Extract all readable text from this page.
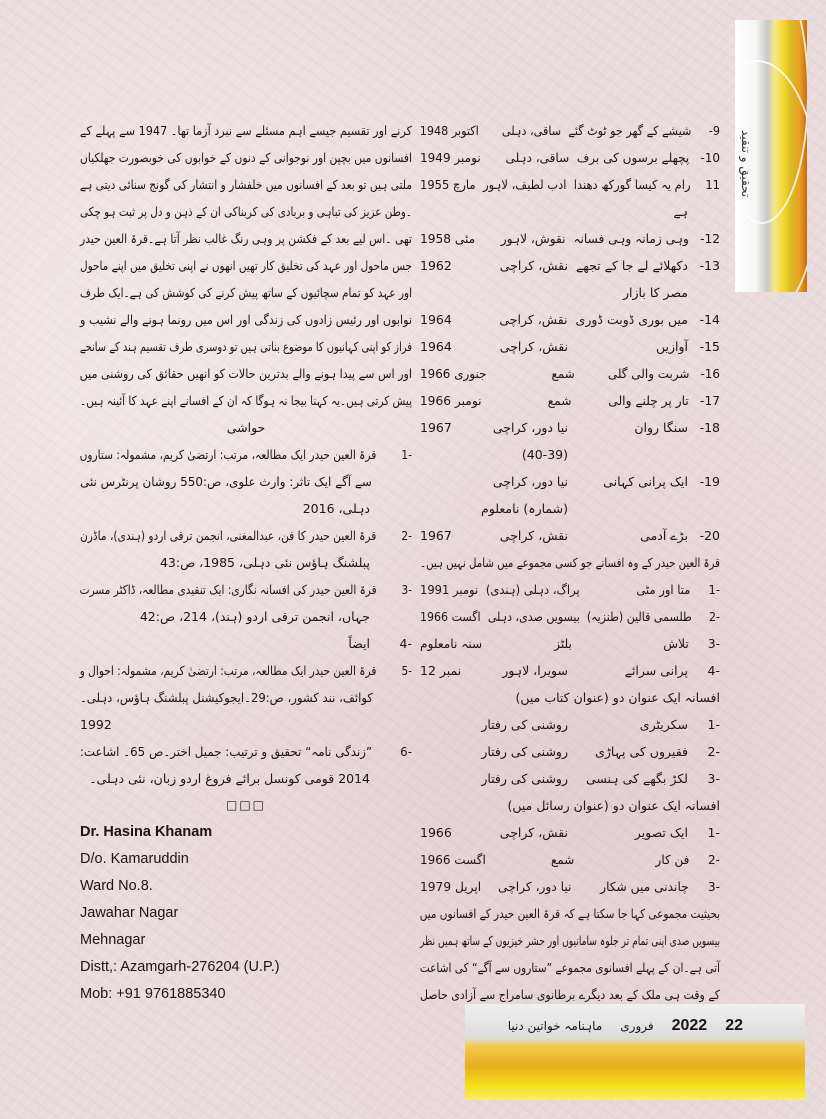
تحقیق و تنقید
9-
شیشے کے گھر جو ٹوٹ گئے
ساقی، دہلی
اکتوبر 1948
10-
پچھلے برسوں کی برف
ساقی، دہلی
نومبر 1949
11
رام یہ کیسا گورکھ دھندا
ادب لطیف، لاہور
مارچ 1955
ہے
12-
وہی زمانہ وہی فسانہ
نقوش، لاہور
مئی 1958
13-
دکھلائے لے جا کے تجھے
نقش، کراچی
1962
مصر کا بازار
14-
میں بوری ڈوبت ڈوری
نقش، کراچی
1964
15-
آوازیں
نقش، کراچی
1964
16-
شربت والی گلی
شمع
جنوری 1966
17-
تار پر چلنے والی
شمع
نومبر 1966
18-
سنگا روان
نیا دور، کراچی
1967
(40-39)
19-
ایک پرانی کہانی
نیا دور، کراچی
(شمارہ) نامعلوم
20-
بڑے آدمی
نقش، کراچی
1967
قرۃ العین حیدر کے وہ افسانے جو کسی مجموعے میں شامل نہیں ہیں۔
-1
متا اور مٹی
پراگ، دہلی (ہندی)
نومبر 1991
-2
طلسمی قالین (طنزیہ)
بیسویں صدی، دہلی
اگست 1966
-3
تلاش
بلٹز
سنہ نامعلوم
-4
پرانی سرائے
سویرا، لاہور
نمبر 12
افسانہ ایک عنوان دو (عنوان کتاب میں)
-1
سکریٹری
روشنی کی رفتار
-2
فقیروں کی پہاڑی
روشنی کی رفتار
-3
لکڑ بگھے کی ہنسی
روشنی کی رفتار
افسانہ ایک عنوان دو (عنوان رسائل میں)
-1
ایک تصویر
نقش، کراچی
1966
-2
فن کار
شمع
اگست 1966
-3
چاندنی میں شکار
نیا دور، کراچی
اپریل 1979
بحیثیت مجموعی کہا جا سکتا ہے کہ قرۃ العین حیدر کے افسانوں میں
بیسویں صدی اپنی تمام تر جلوہ سامانیوں اور حشر خیزیوں کے ساتھ ہمیں نظر
آتی ہے۔ان کے پہلے افسانوی مجموعے ”ستاروں سے آگے“ کی اشاعت
کے وقت ہی ملک کے بعد دیگرے برطانوی سامراج سے آزادی حاصل
کرنے اور تقسیم جیسے اہم مسئلے سے نبرد آزما تھا۔ 1947 سے پہلے کے
افسانوں میں بچپن اور نوجوانی کے دنوں کے خوابوں کی خوبصورت جھلکیاں
ملتی ہیں تو بعد کے افسانوں میں خلفشار و انتشار کی گونج سنائی دیتی ہے
۔وطن عزیز کی تباہی و بربادی کی کربناکی ان کے ذہن و دل پر ثبت ہو چکی
تھی ۔اس لیے بعد کے فکشن پر وہی رنگ غالب نظر آتا ہے۔قرۃ العین حیدر
جس ماحول اور عہد کی تخلیق کار تھیں انھوں نے اپنی تخلیق میں اپنے ماحول
اور عہد کو تمام سچائیوں کے ساتھ پیش کرنے کی کوشش کی ہے۔ایک طرف
نوابوں اور رئیس زادوں کی زندگی اور اس میں رونما ہونے والے نشیب و
فراز کو اپنی کہانیوں کا موضوع بناتی ہیں تو دوسری طرف تقسیم ہند کے سانحے
اور اس سے پیدا ہونے والے بدترین حالات کو انھیں حقائق کی روشنی میں
پیش کرتی ہیں۔یہ کہنا بیجا نہ ہوگا کہ ان کے افسانے اپنے عہد کا آئینہ ہیں۔
حواشی
-1
قرۃ العین حیدر ایک مطالعہ، مرتب: ارتضیٰ کریم، مشمولہ: ستاروں
سے آگے ایک تاثر: وارث علوی، ص:550 روشان پرنٹرس نئی
دہلی، 2016
-2
قرۃ العین حیدر کا فن، عبدالمغنی، انجمن ترقی اردو (ہندی)، ماڈرن
پبلشنگ ہاؤس نئی دہلی، 1985، ص:43
-3
قرۃ العین حیدر کی افسانہ نگاری: ایک تنقیدی مطالعہ، ڈاکٹر مسرت
جہاں، انجمن ترقی اردو (ہند)، 214، ص:42
-4
ایضاً
-5
قرۃ العین حیدر ایک مطالعہ، مرتب: ارتضیٰ کریم، مشمولہ: احوال و
کوائف، نند کشور، ص:29۔ایجوکیشنل پبلشنگ ہاؤس، دہلی۔
1992
-6
”زندگی نامہ“ تحقیق و ترتیب: جمیل اختر۔ص 65۔ اشاعت:
2014 قومی کونسل برائے فروغ اردو زبان، نئی دہلی۔
□□□
Dr. Hasina Khanam
D/o. Kamaruddin
Ward No.8.
Jawahar Nagar
Mehnagar
Distt,: Azamgarh-276204 (U.P.)
Mob: +91 9761885340
22
2022
فروری
ماہنامہ خواتین دنیا
